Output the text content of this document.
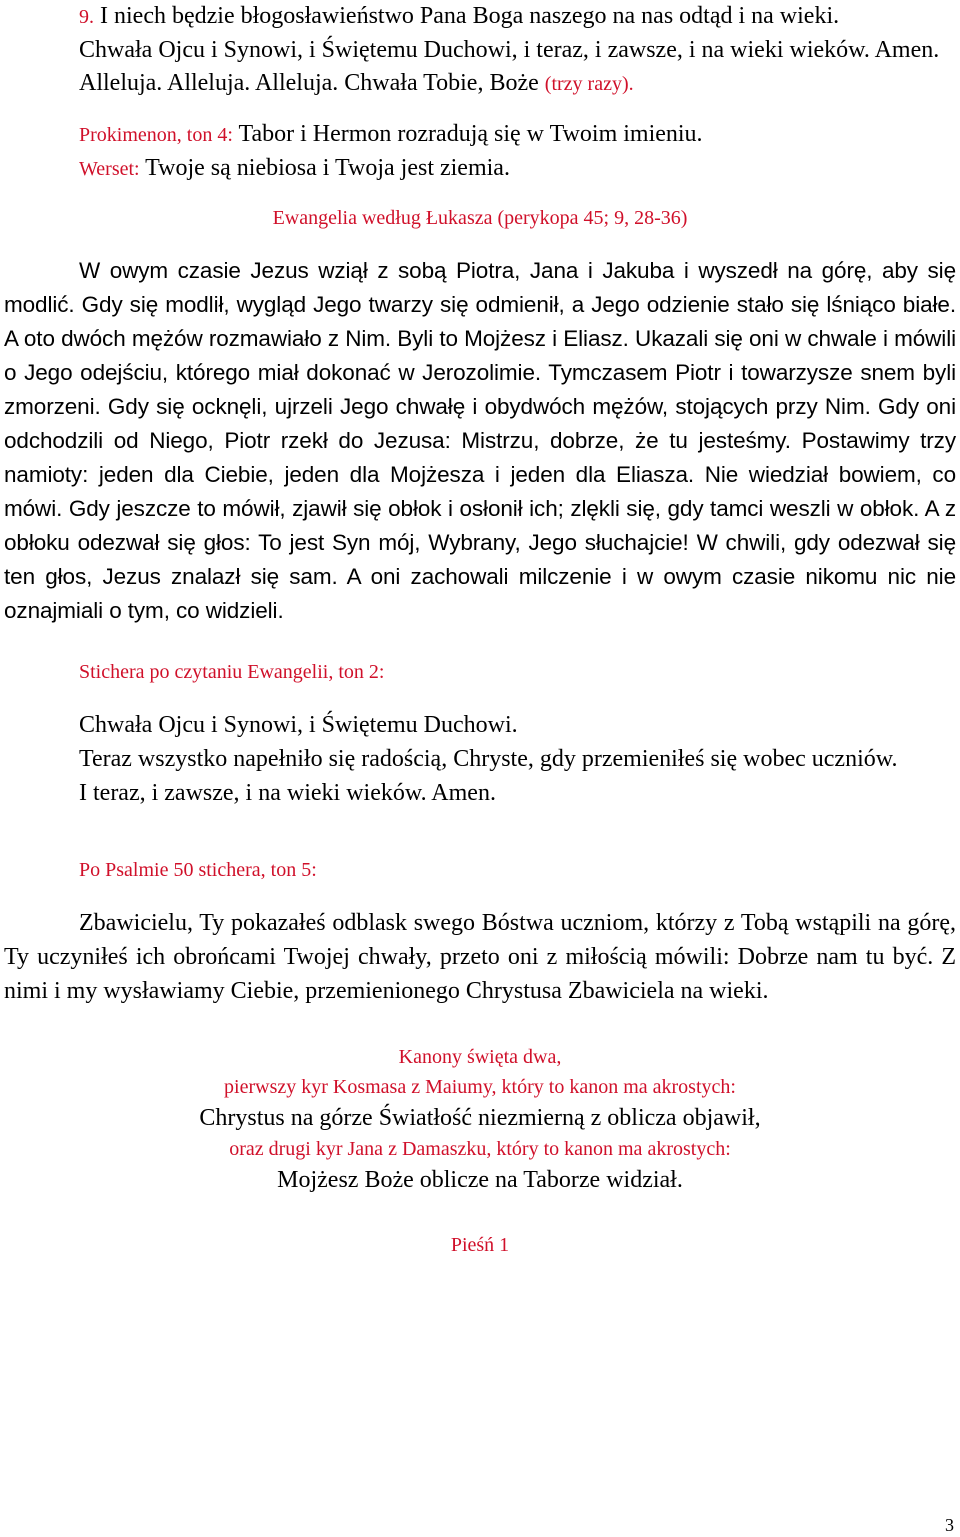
9. I niech będzie błogosławieństwo Pana Boga naszego na nas odtąd i na wieki.

Chwała Ojcu i Synowi, i Świętemu Duchowi, i teraz, i zawsze, i na wieki wieków. Amen.

Alleluja. Alleluja. Alleluja. Chwała Tobie, Boże (trzy razy).

Prokimenon, ton 4: Tabor i Hermon rozradują się w Twoim imieniu.

Werset: Twoje są niebiosa i Twoja jest ziemia.

Ewangelia według Łukasza (perykopa 45; 9, 28-36)

W owym czasie Jezus wziął z sobą Piotra, Jana i Jakuba i wyszedł na górę, aby się modlić. Gdy się modlił, wygląd Jego twarzy się odmienił, a Jego odzienie stało się lśniąco białe. A oto dwóch mężów rozmawiało z Nim. Byli to Mojżesz i Eliasz. Ukazali się oni w chwale i mówili o Jego odejściu, którego miał dokonać w Jerozolimie. Tymczasem Piotr i towarzysze snem byli zmorzeni. Gdy się ocknęli, ujrzeli Jego chwałę i obydwóch mężów, stojących przy Nim. Gdy oni odchodzili od Niego, Piotr rzekł do Jezusa: Mistrzu, dobrze, że tu jesteśmy. Postawimy trzy namioty: jeden dla Ciebie, jeden dla Mojżesza i jeden dla Eliasza. Nie wiedział bowiem, co mówi. Gdy jeszcze to mówił, zjawił się obłok i osłonił ich; zlękli się, gdy tamci weszli w obłok. A z obłoku odezwał się głos: To jest Syn mój, Wybrany, Jego słuchajcie! W chwili, gdy odezwał się ten głos, Jezus znalazł się sam. A oni zachowali milczenie i w owym czasie nikomu nic nie oznajmiali o tym, co widzieli.

Stichera po czytaniu Ewangelii, ton 2:

Chwała Ojcu i Synowi, i Świętemu Duchowi.

Teraz wszystko napełniło się radością, Chryste, gdy przemieniłeś się wobec uczniów.

I teraz, i zawsze, i na wieki wieków. Amen.

Po Psalmie 50 stichera, ton 5:

Zbawicielu, Ty pokazałeś odblask swego Bóstwa uczniom, którzy z Tobą wstąpili na górę, Ty uczyniłeś ich obrońcami Twojej chwały, przeto oni z miłością mówili: Dobrze nam tu być. Z nimi i my wysławiamy Ciebie, przemienionego Chrystusa Zbawiciela na wieki.

Kanony święta dwa,

pierwszy kyr Kosmasa z Maiumy, który to kanon ma akrostych:

Chrystus na górze Światłość niezmierną z oblicza objawił,

oraz drugi kyr Jana z Damaszku, który to kanon ma akrostych:

Mojżesz Boże oblicze na Taborze widział.

Pieśń 1

3
